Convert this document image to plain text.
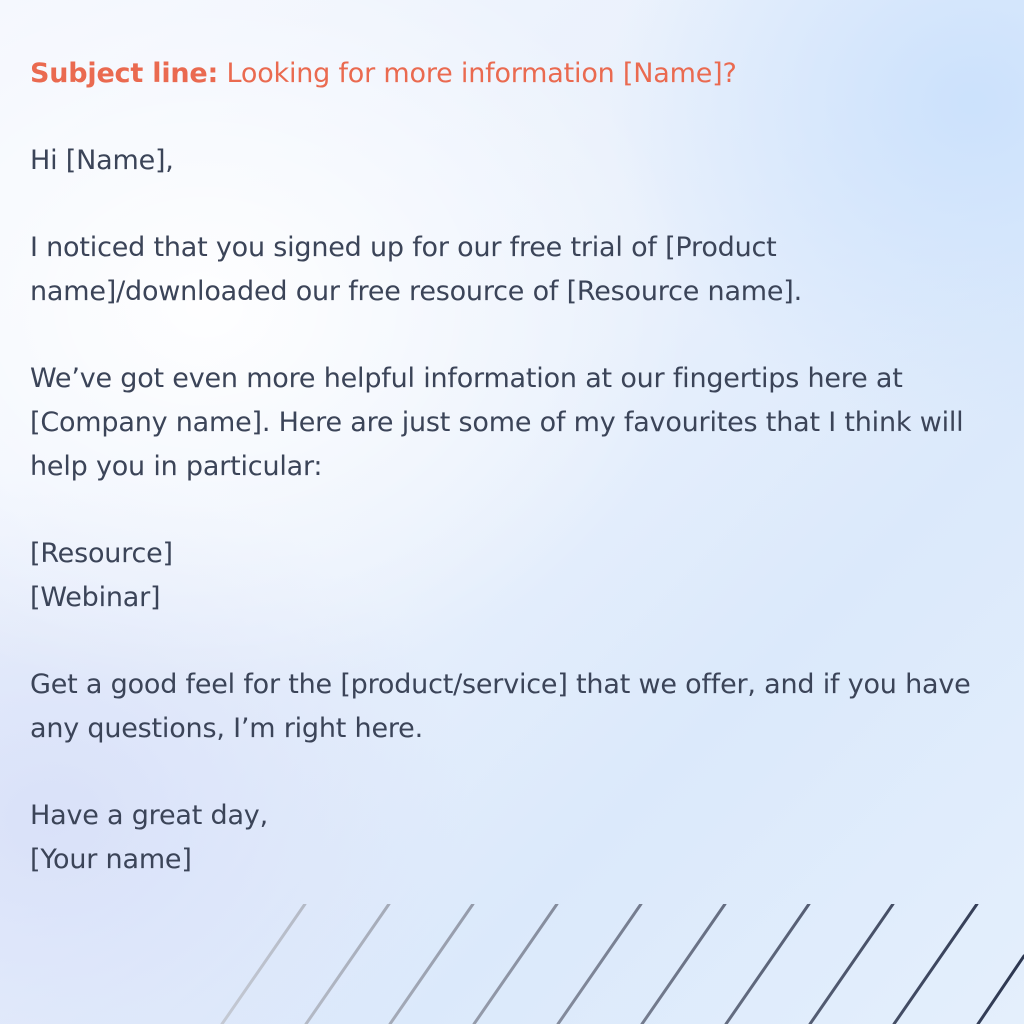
Subject line: Looking for more information [Name]?

Hi [Name],

I noticed that you signed up for our free trial of [Product name]/downloaded our free resource of [Resource name].

We’ve got even more helpful information at our fingertips here at [Company name]. Here are just some of my favourites that I think will help you in particular:

[Resource]
[Webinar]

Get a good feel for the [product/service] that we offer, and if you have any questions, I’m right here.

Have a great day,
[Your name]
